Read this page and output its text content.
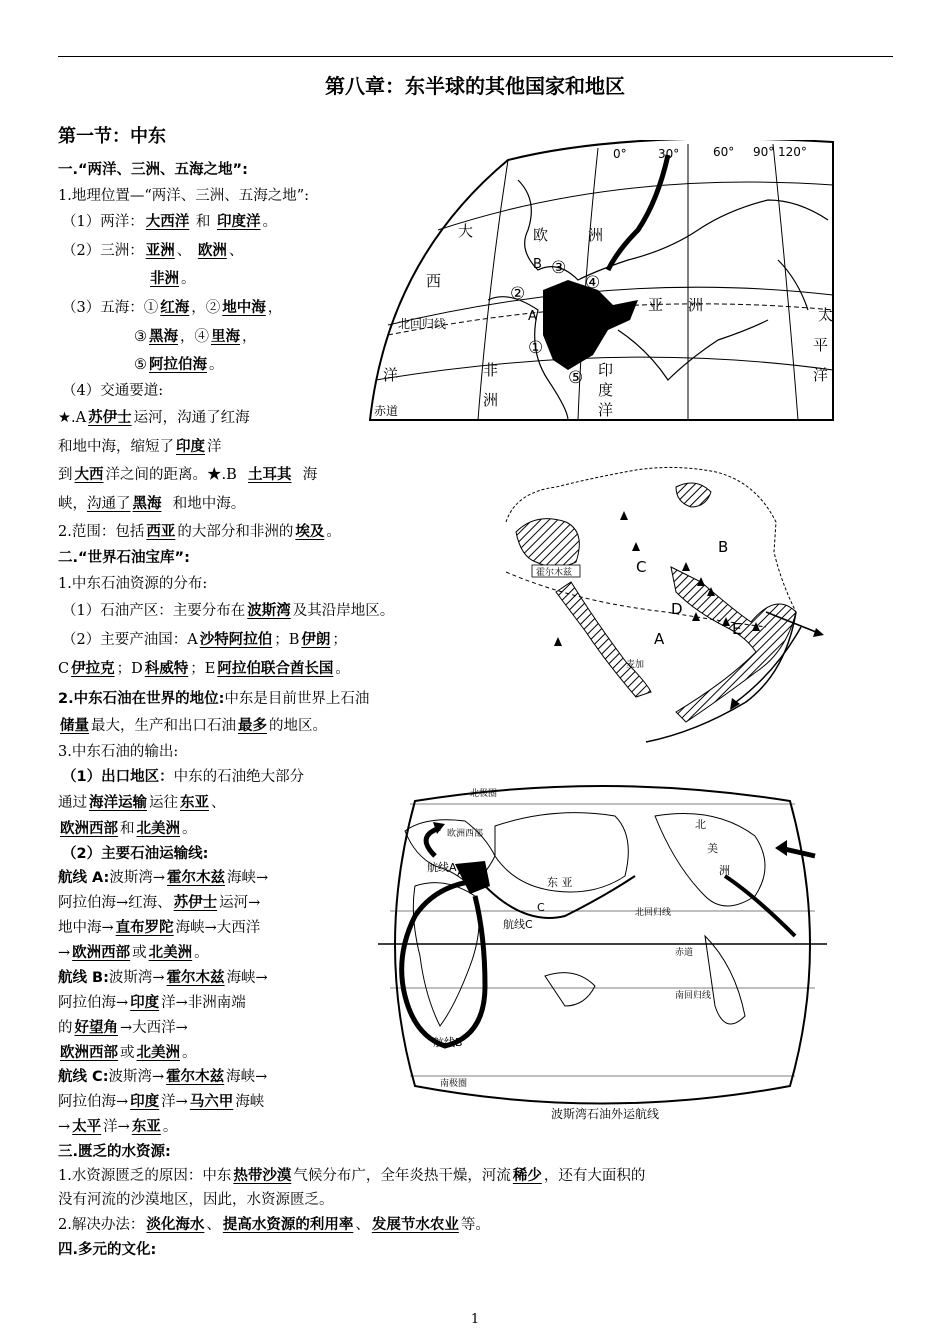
第八章：东半球的其他国家和地区
第一节：中东
一.“两洋、三洲、五海之地”:
1.地理位置—“两洋、三洲、五海之地”:
（1）两洋： 大西洋 和 印度洋 。
（2）三洲： 亚洲 、 欧洲 、
非洲 。
（3）五海：① 红海 ，② 地中海 ，
③ 黑海 ，④ 里海 ，
⑤ 阿拉伯海 。
（4）交通要道:
★.A 苏伊士 运河，沟通了红海
和地中海，缩短了 印度 洋
到 大西 洋之间的距离。★.B 土耳其 海
峡，沟通了 黑海 和地中海。
2.范围：包括 西亚 的大部分和非洲的 埃及 。
二.“世界石油宝库”:
1.中东石油资源的分布:
（1）石油产区：主要分布在 波斯湾 及其沿岸地区。
（2）主要产油国：A 沙特阿拉伯 ；B 伊朗 ；
C 伊拉克 ；D 科威特 ；E 阿拉伯联合酋长国 。
2.中东石油在世界的地位:中东是目前世界上石油
储量 最大，生产和出口石油 最多 的地区。
3.中东石油的输出:
（1）出口地区：中东的石油绝大部分
通过 海洋运输 运往 东亚 、
欧洲西部 和 北美洲 。
（2）主要石油运输线:
航线 A:波斯湾→ 霍尔木兹 海峡→
阿拉伯海→红海、 苏伊士 运河→
地中海→ 直布罗陀 海峡→大西洋
→ 欧洲西部 或 北美洲 。
航线 B:波斯湾→ 霍尔木兹 海峡→
阿拉伯海→ 印度 洋→非洲南端
的 好望角 →大西洋→
欧洲西部 或 北美洲 。
航线 C:波斯湾→ 霍尔木兹 海峡→
阿拉伯海→ 印度 洋→ 马六甲 海峡
→ 太平 洋→ 东亚 。
三.匮乏的水资源:
1.水资源匮乏的原因：中东 热带沙漠 气候分布广，全年炎热干燥，河流 稀少 ，还有大面积的
没有河流的沙漠地区，因此，水资源匮乏。
2.解决办法： 淡化海水 、 提高水资源的利用率 、 发展节水农业 等。
四.多元的文化:
大
西
洋
欧	洲
亚 洲
非
洲
太
平
洋
印
度
洋
北回归线
赤道
0°	30°	60° 90° 120°
A
B
①
②
③
④
⑤
霍尔木兹
麦加
A
B
C
D
E
北极圈
北回归线
赤道
南回归线
南极圈
欧洲西部
北
美
洲
东 亚
航线A
航线B
航线C
A
C
波斯湾石油外运航线
1
